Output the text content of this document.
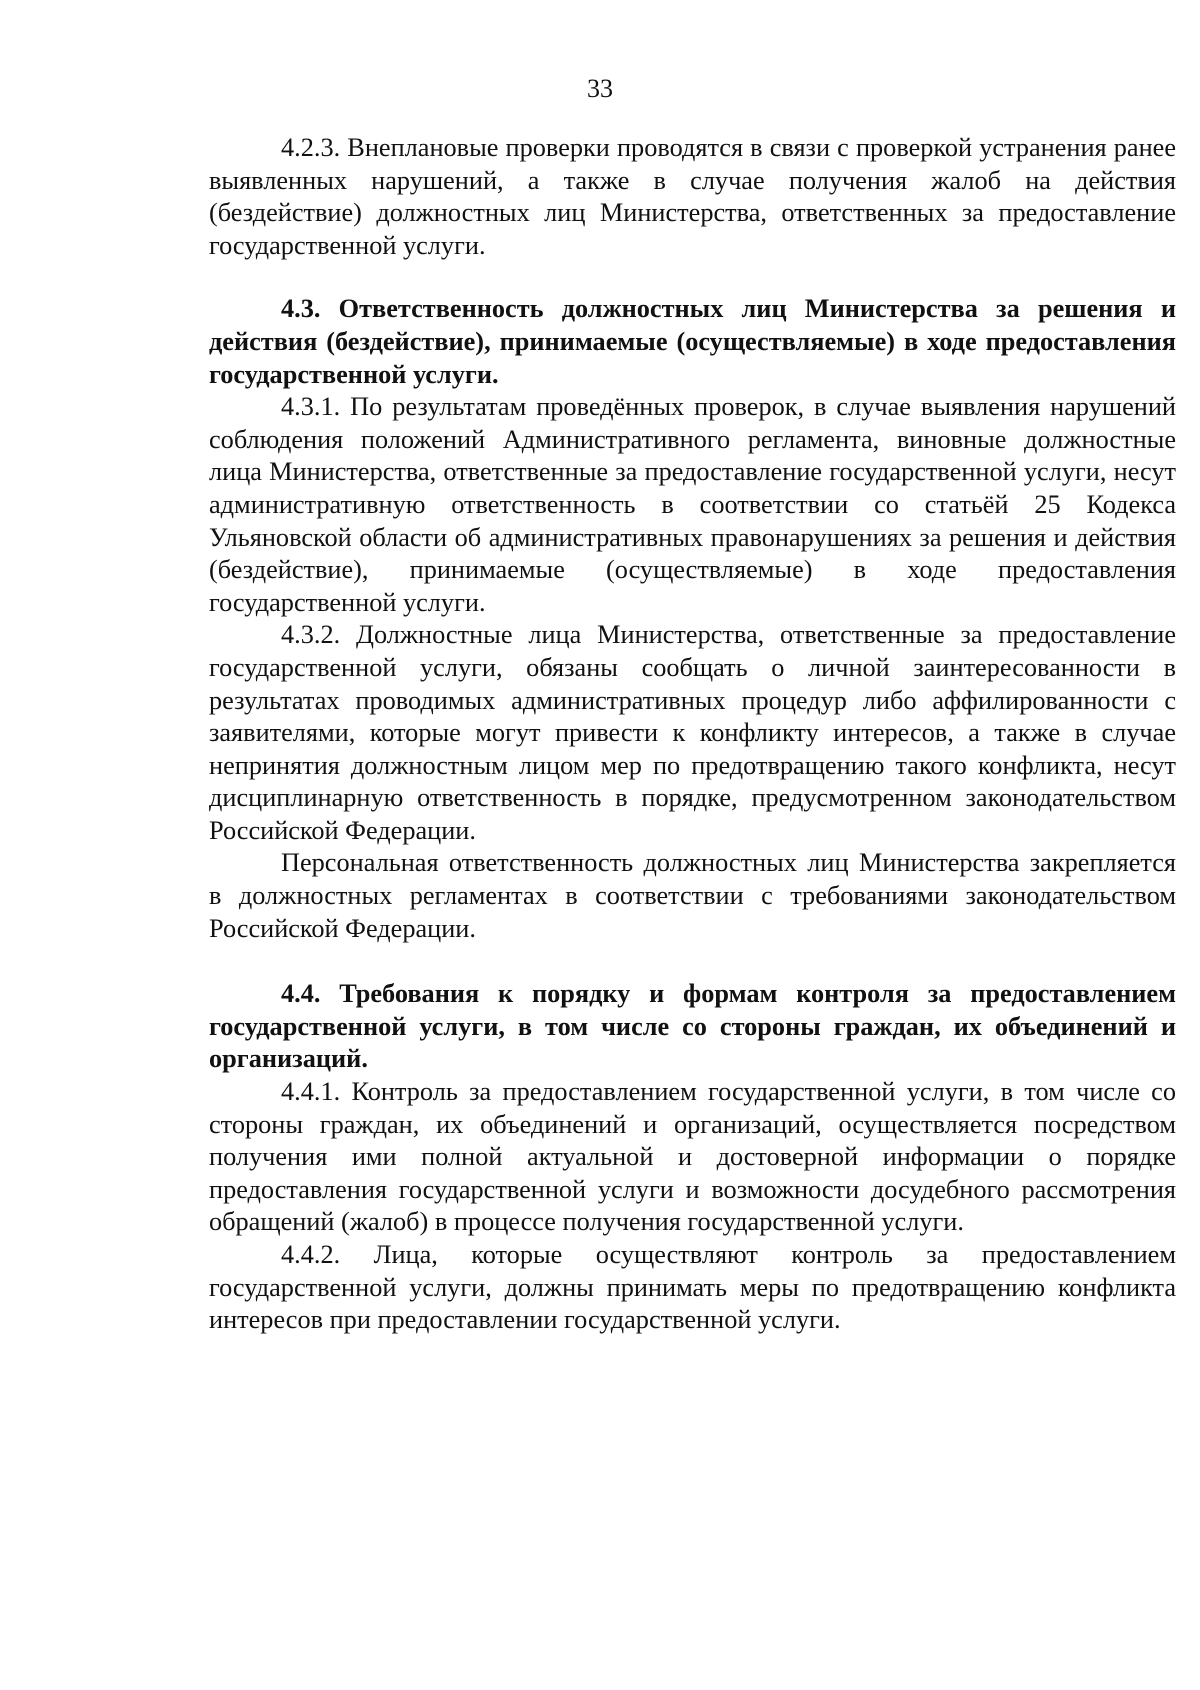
33

4.2.3. Внеплановые проверки проводятся в связи с проверкой устранения ранее выявленных нарушений, а также в случае получения жалоб на действия (бездействие) должностных лиц Министерства, ответственных за предоставление государственной услуги.

4.3. Ответственность должностных лиц Министерства за решения и действия (бездействие), принимаемые (осуществляемые) в ходе предоставления государственной услуги.

4.3.1. По результатам проведённых проверок, в случае выявления нарушений соблюдения положений Административного регламента, виновные должностные лица Министерства, ответственные за предоставление государственной услуги, несут административную ответственность в соответствии со статьёй 25 Кодекса Ульяновской области об административных правонарушениях за решения и действия (бездействие), принимаемые (осуществляемые) в ходе предоставления государственной услуги.

4.3.2. Должностные лица Министерства, ответственные за предоставление государственной услуги, обязаны сообщать о личной заинтересованности в результатах проводимых административных процедур либо аффилированности с заявителями, которые могут привести к конфликту интересов, а также в случае непринятия должностным лицом мер по предотвращению такого конфликта, несут дисциплинарную ответственность в порядке, предусмотренном законодательством Российской Федерации.

Персональная ответственность должностных лиц Министерства закрепляется в должностных регламентах в соответствии с требованиями законодательством Российской Федерации.

4.4. Требования к порядку и формам контроля за предоставлением государственной услуги, в том числе со стороны граждан, их объединений и организаций.

4.4.1. Контроль за предоставлением государственной услуги, в том числе со стороны граждан, их объединений и организаций, осуществляется посредством получения ими полной актуальной и достоверной информации о порядке предоставления государственной услуги и возможности досудебного рассмотрения обращений (жалоб) в процессе получения государственной услуги.

4.4.2. Лица, которые осуществляют контроль за предоставлением государственной услуги, должны принимать меры по предотвращению конфликта интересов при предоставлении государственной услуги.
